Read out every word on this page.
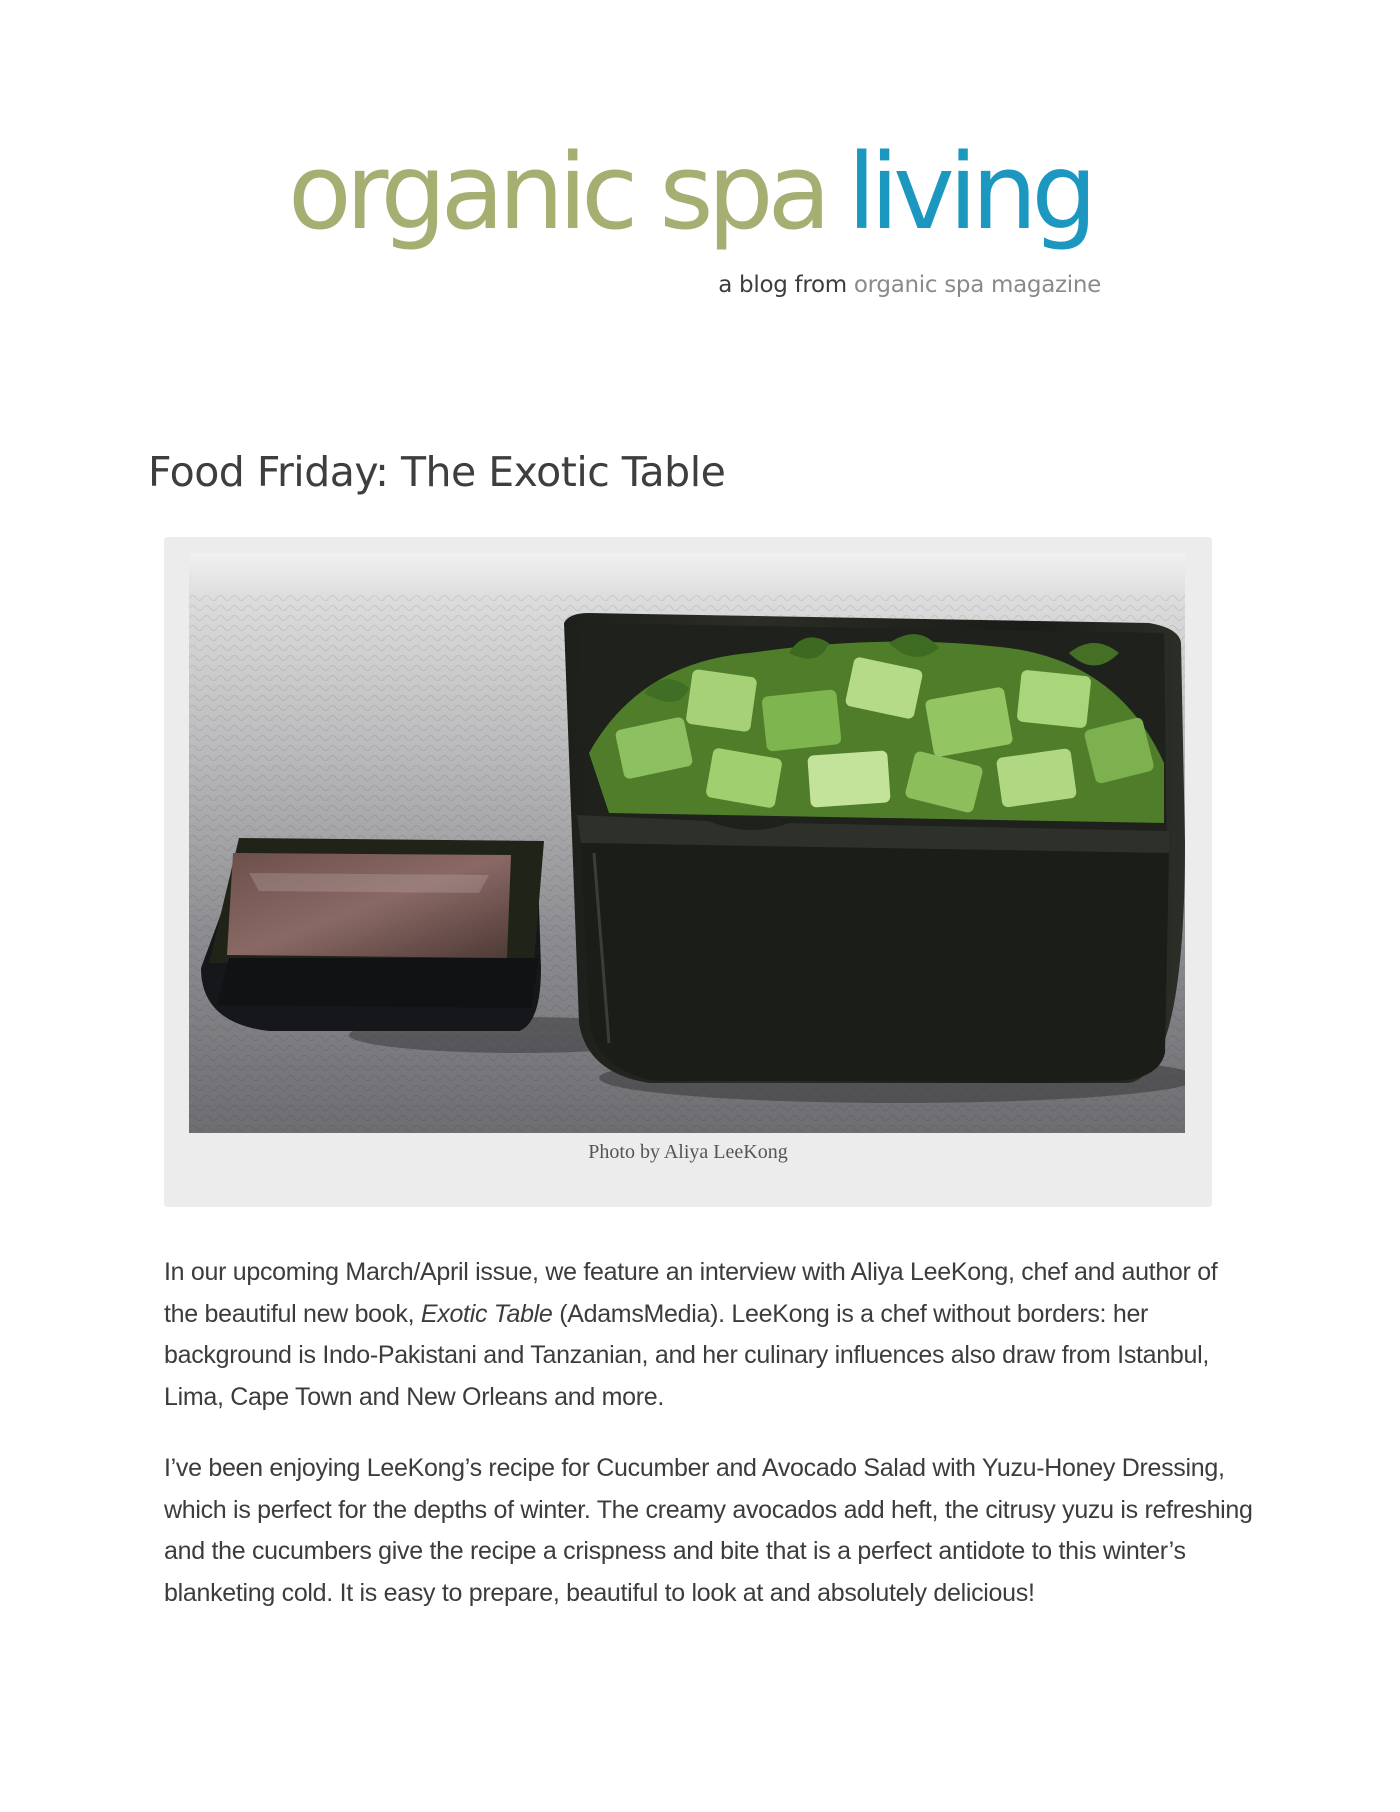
organic spa living
a blog from organic spa magazine
Food Friday: The Exotic Table
Photo by Aliya LeeKong

In our upcoming March/April issue, we feature an interview with Aliya LeeKong, chef and author of the beautiful new book, Exotic Table (AdamsMedia). LeeKong is a chef without borders: her background is Indo-Pakistani and Tanzanian, and her culinary influences also draw from Istanbul, Lima, Cape Town and New Orleans and more.

I’ve been enjoying LeeKong’s recipe for Cucumber and Avocado Salad with Yuzu-Honey Dressing, which is perfect for the depths of winter. The creamy avocados add heft, the citrusy yuzu is refreshing and the cucumbers give the recipe a crispness and bite that is a perfect antidote to this winter’s blanketing cold. It is easy to prepare, beautiful to look at and absolutely delicious!
